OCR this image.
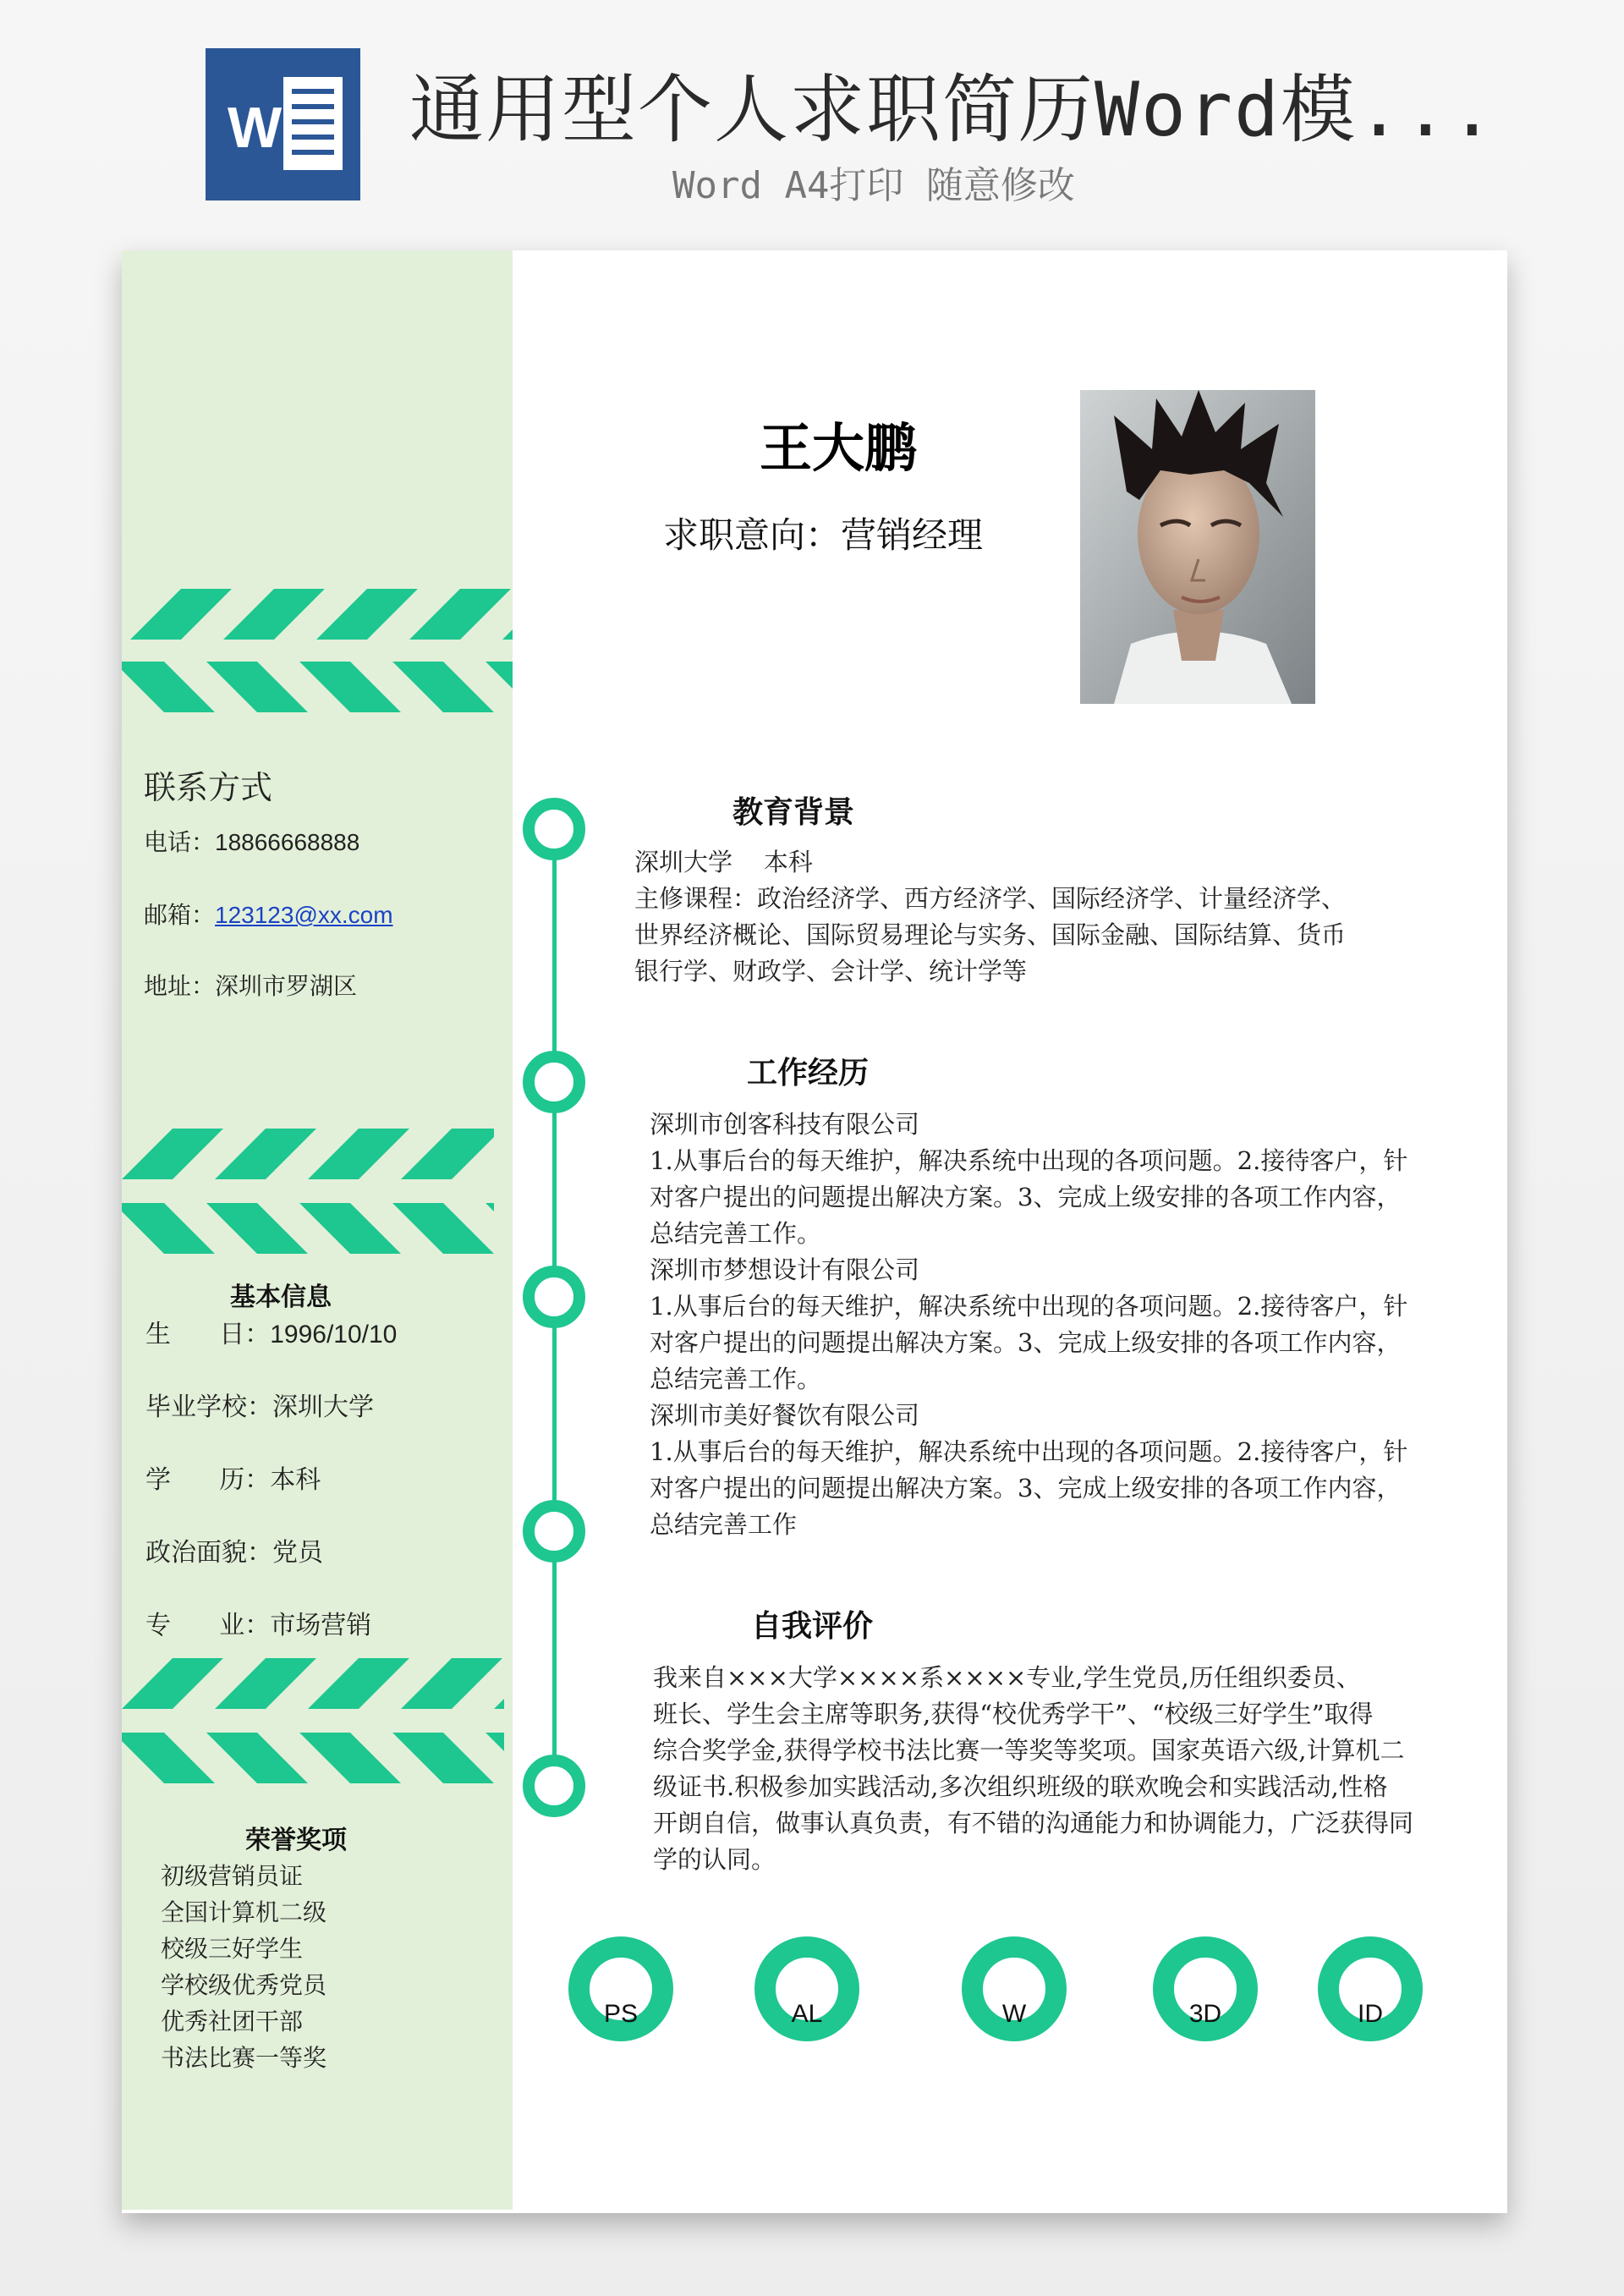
W 通用型个人求职简历Word模...
Word A4打印 随意修改
联系方式
电话：18866668888
邮箱：123123@xx.com
地址：深圳市罗湖区
基本信息
生      日：1996/10/10
毕业学校：深圳大学
学      历：本科
政治面貌：党员
专      业：市场营销
荣誉奖项
初级营销员证
全国计算机二级
校级三好学生
学校级优秀党员
优秀社团干部
书法比赛一等奖
王大鹏
求职意向：营销经理
教育背景
深圳大学    本科
主修课程：政治经济学、西方经济学、国际经济学、计量经济学、
世界经济概论、国际贸易理论与实务、国际金融、国际结算、货币
银行学、财政学、会计学、统计学等
工作经历
深圳市创客科技有限公司
1.从事后台的每天维护，解决系统中出现的各项问题。2.接待客户，针
对客户提出的问题提出解决方案。3、完成上级安排的各项工作内容，
总结完善工作。
深圳市梦想设计有限公司
1.从事后台的每天维护，解决系统中出现的各项问题。2.接待客户，针
对客户提出的问题提出解决方案。3、完成上级安排的各项工作内容，
总结完善工作。
深圳市美好餐饮有限公司
1.从事后台的每天维护，解决系统中出现的各项问题。2.接待客户，针
对客户提出的问题提出解决方案。3、完成上级安排的各项工作内容，
总结完善工作
自我评价
我来自×××大学××××系××××专业,学生党员,历任组织委员、
班长、学生会主席等职务,获得“校优秀学干”、“校级三好学生”取得
综合奖学金,获得学校书法比赛一等奖等奖项。国家英语六级,计算机二
级证书.积极参加实践活动,多次组织班级的联欢晚会和实践活动,性格
开朗自信，做事认真负责，有不错的沟通能力和协调能力，广泛获得同
学的认同。
PS	AL	W	3D	ID
